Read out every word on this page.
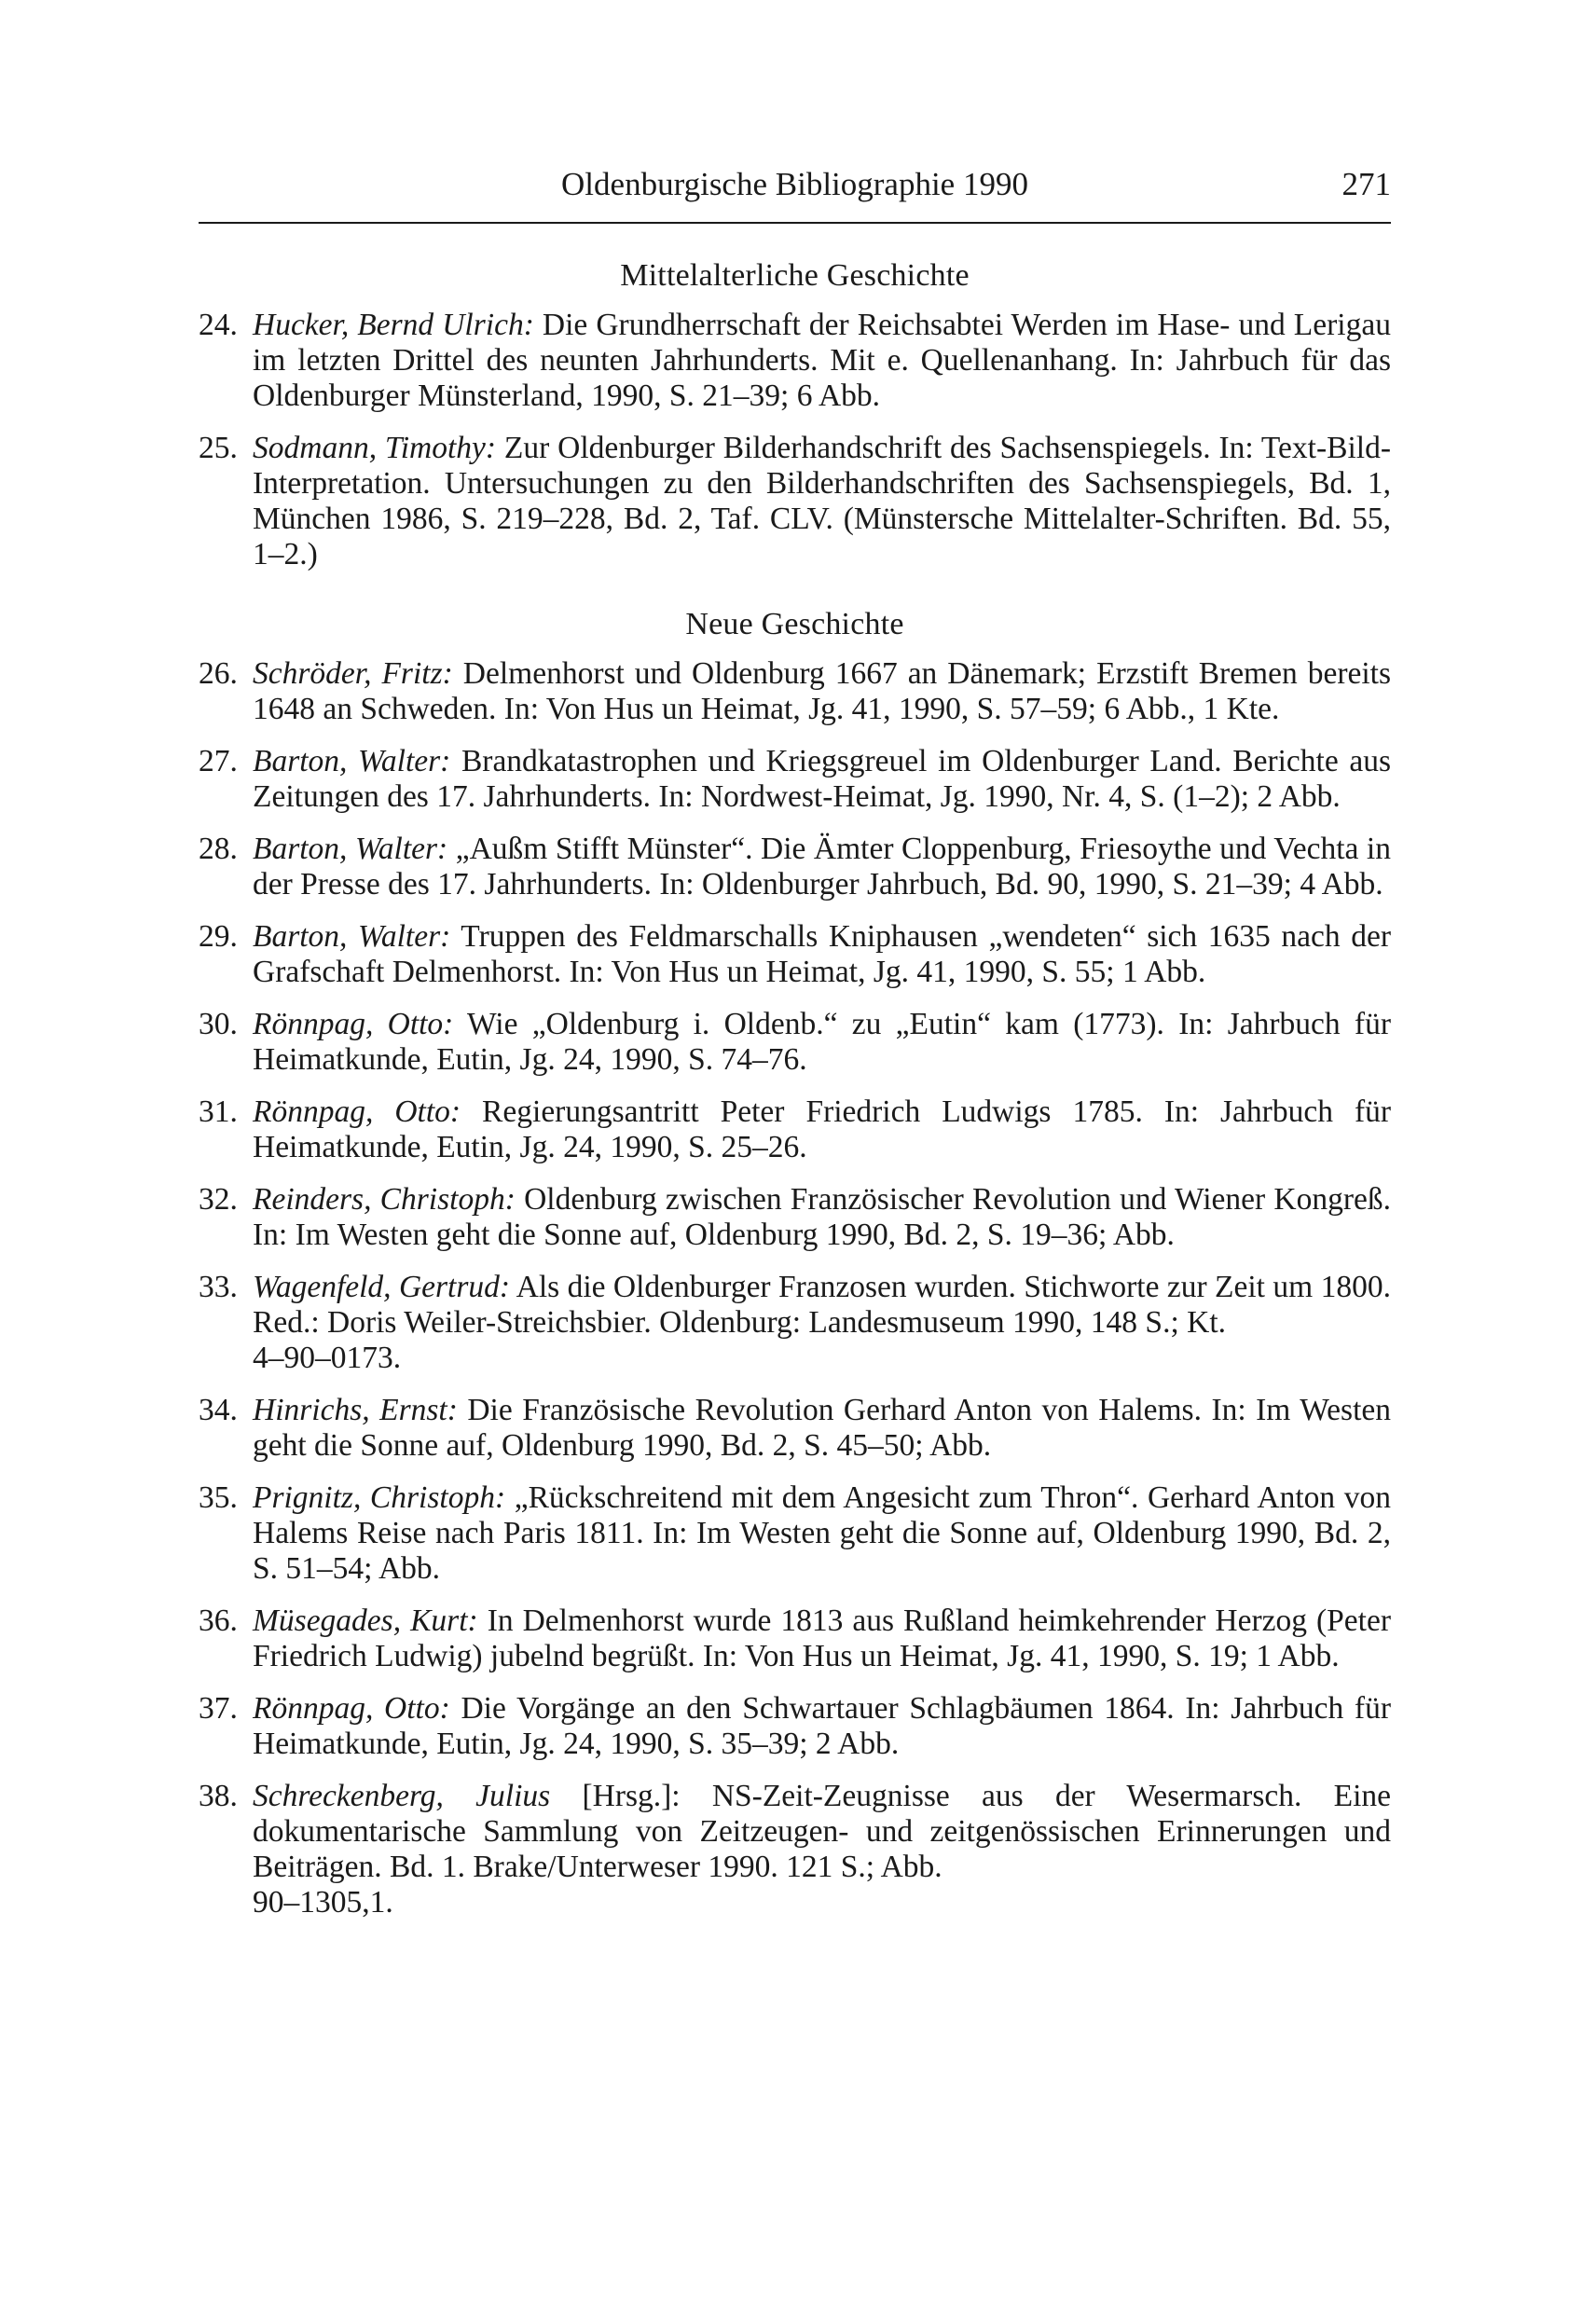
Oldenburgische Bibliographie 1990	271
Mittelalterliche Geschichte
24. Hucker, Bernd Ulrich: Die Grundherrschaft der Reichsabtei Werden im Hase- und Lerigau im letzten Drittel des neunten Jahrhunderts. Mit e. Quellenanhang. In: Jahrbuch für das Oldenburger Münsterland, 1990, S. 21–39; 6 Abb.
25. Sodmann, Timothy: Zur Oldenburger Bilderhandschrift des Sachsenspiegels. In: Text-Bild-Interpretation. Untersuchungen zu den Bilderhandschriften des Sachsenspiegels, Bd. 1, München 1986, S. 219–228, Bd. 2, Taf. CLV. (Münstersche Mittelalter-Schriften. Bd. 55, 1–2.)
Neue Geschichte
26. Schröder, Fritz: Delmenhorst und Oldenburg 1667 an Dänemark; Erzstift Bremen bereits 1648 an Schweden. In: Von Hus un Heimat, Jg. 41, 1990, S. 57–59; 6 Abb., 1 Kte.
27. Barton, Walter: Brandkatastrophen und Kriegsgreuel im Oldenburger Land. Berichte aus Zeitungen des 17. Jahrhunderts. In: Nordwest-Heimat, Jg. 1990, Nr. 4, S. (1–2); 2 Abb.
28. Barton, Walter: „Außm Stifft Münster“. Die Ämter Cloppenburg, Friesoythe und Vechta in der Presse des 17. Jahrhunderts. In: Oldenburger Jahrbuch, Bd. 90, 1990, S. 21–39; 4 Abb.
29. Barton, Walter: Truppen des Feldmarschalls Kniphausen „wendeten“ sich 1635 nach der Grafschaft Delmenhorst. In: Von Hus un Heimat, Jg. 41, 1990, S. 55; 1 Abb.
30. Rönnpag, Otto: Wie „Oldenburg i. Oldenb.“ zu „Eutin“ kam (1773). In: Jahrbuch für Heimatkunde, Eutin, Jg. 24, 1990, S. 74–76.
31. Rönnpag, Otto: Regierungsantritt Peter Friedrich Ludwigs 1785. In: Jahrbuch für Heimatkunde, Eutin, Jg. 24, 1990, S. 25–26.
32. Reinders, Christoph: Oldenburg zwischen Französischer Revolution und Wiener Kongreß. In: Im Westen geht die Sonne auf, Oldenburg 1990, Bd. 2, S. 19–36; Abb.
33. Wagenfeld, Gertrud: Als die Oldenburger Franzosen wurden. Stichworte zur Zeit um 1800. Red.: Doris Weiler-Streichsbier. Oldenburg: Landesmuseum 1990, 148 S.; Kt.
4–90–0173.
34. Hinrichs, Ernst: Die Französische Revolution Gerhard Anton von Halems. In: Im Westen geht die Sonne auf, Oldenburg 1990, Bd. 2, S. 45–50; Abb.
35. Prignitz, Christoph: „Rückschreitend mit dem Angesicht zum Thron“. Gerhard Anton von Halems Reise nach Paris 1811. In: Im Westen geht die Sonne auf, Oldenburg 1990, Bd. 2, S. 51–54; Abb.
36. Müsegades, Kurt: In Delmenhorst wurde 1813 aus Rußland heimkehrender Herzog (Peter Friedrich Ludwig) jubelnd begrüßt. In: Von Hus un Heimat, Jg. 41, 1990, S. 19; 1 Abb.
37. Rönnpag, Otto: Die Vorgänge an den Schwartauer Schlagbäumen 1864. In: Jahrbuch für Heimatkunde, Eutin, Jg. 24, 1990, S. 35–39; 2 Abb.
38. Schreckenberg, Julius [Hrsg.]: NS-Zeit-Zeugnisse aus der Wesermarsch. Eine dokumentarische Sammlung von Zeitzeugen- und zeitgenössischen Erinnerungen und Beiträgen. Bd. 1. Brake/Unterweser 1990. 121 S.; Abb.
90–1305,1.
